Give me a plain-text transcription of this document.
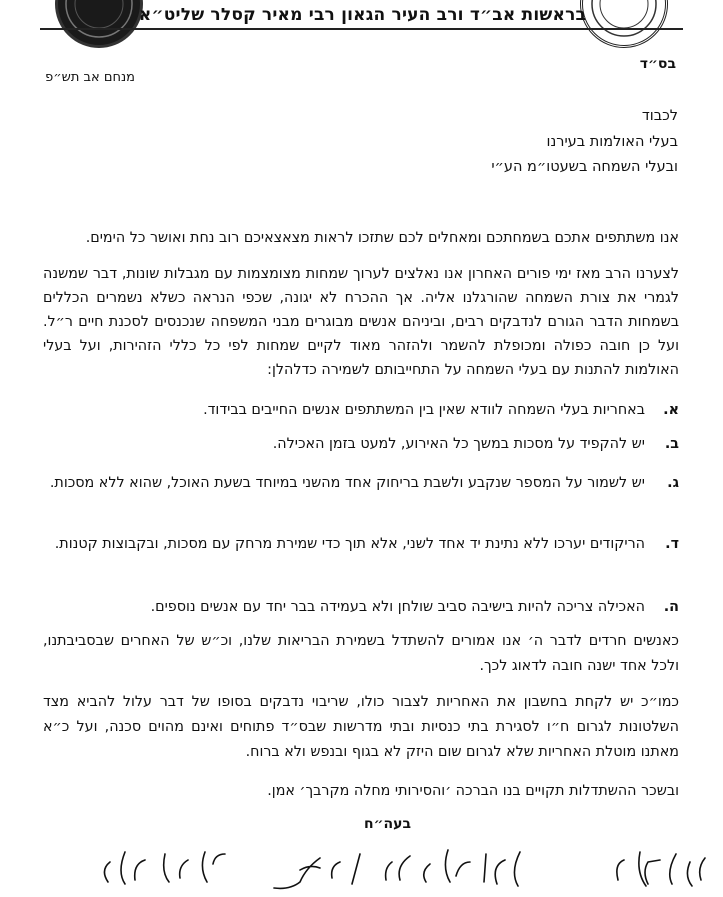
בראשות אב״ד ורב העיר הגאון רבי מאיר קסלר שליט״א
בס״ד
מנחם אב תש״פ
לכבוד
בעלי האולמות בעירנו
ובעלי השמחה בשעטו״מ הע״י
אנו משתתפים אתכם בשמחתכם ומאחלים לכם שתזכו לראות מצאצאיכם רוב נחת ואושר כל הימים.
לצערנו הרב מאז ימי פורים האחרון אנו נאלצים לערוך שמחות מצומצמות עם מגבלות שונות, דבר שמשנה לגמרי את צורת השמחה שהורגלנו אליה. אך ההכרח לא יגונה, שכפי הנראה כשלא נשמרים הכללים בשמחות הדבר הגורם לנדבקים רבים, וביניהם אנשים מבוגרים מבני המשפחה שנכנסים לסכנת חיים ר״ל. ועל כן חובה כפולה ומכופלת להשמר ולהזהר מאוד לקיים שמחות לפי כל כללי הזהירות, ועל בעלי האולמות להתנות עם בעלי השמחה על התחייבותם לשמירה כדלהלן:
א.
באחריות בעלי השמחה לוודא שאין בין המשתתפים אנשים החייבים בבידוד.
ב.
יש להקפיד על מסכות במשך כל האירוע, למעט בזמן האכילה.
ג.
יש לשמור על המספר שנקבע ולשבת בריחוק אחד מהשני במיוחד בשעת האוכל, שהוא ללא מסכות.
ד.
הריקודים יערכו ללא נתינת יד אחד לשני, אלא תוך כדי שמירת מרחק עם מסכות, ובקבוצות קטנות.
ה.
האכילה צריכה להיות בישיבה סביב שולחן ולא בעמידה בבר יחד עם אנשים נוספים.
כאנשים חרדים לדבר ה׳ אנו אמורים להשתדל בשמירת הבריאות שלנו, וכ״ש של האחרים שבסביבתנו, ולכל אחד ישנה חובה לדאוג לכך.
כמו״כ יש לקחת בחשבון את האחריות לצבור כולו, שריבוי נדבקים בסופו של דבר עלול להביא מצד השלטונות לגרום ח״ו לסגירת בתי כנסיות ובתי מדרשות שבס״ד פתוחים ואינם מהוים סכנה, ועל כ״א מאתנו מוטלת האחריות שלא לגרום שום היזק לא בגוף ובנפש ולא ברוח.
ובשכר ההשתדלות תקויים בנו הברכה ׳והסירותי מחלה מקרבך׳ אמן.
בעה״ח
